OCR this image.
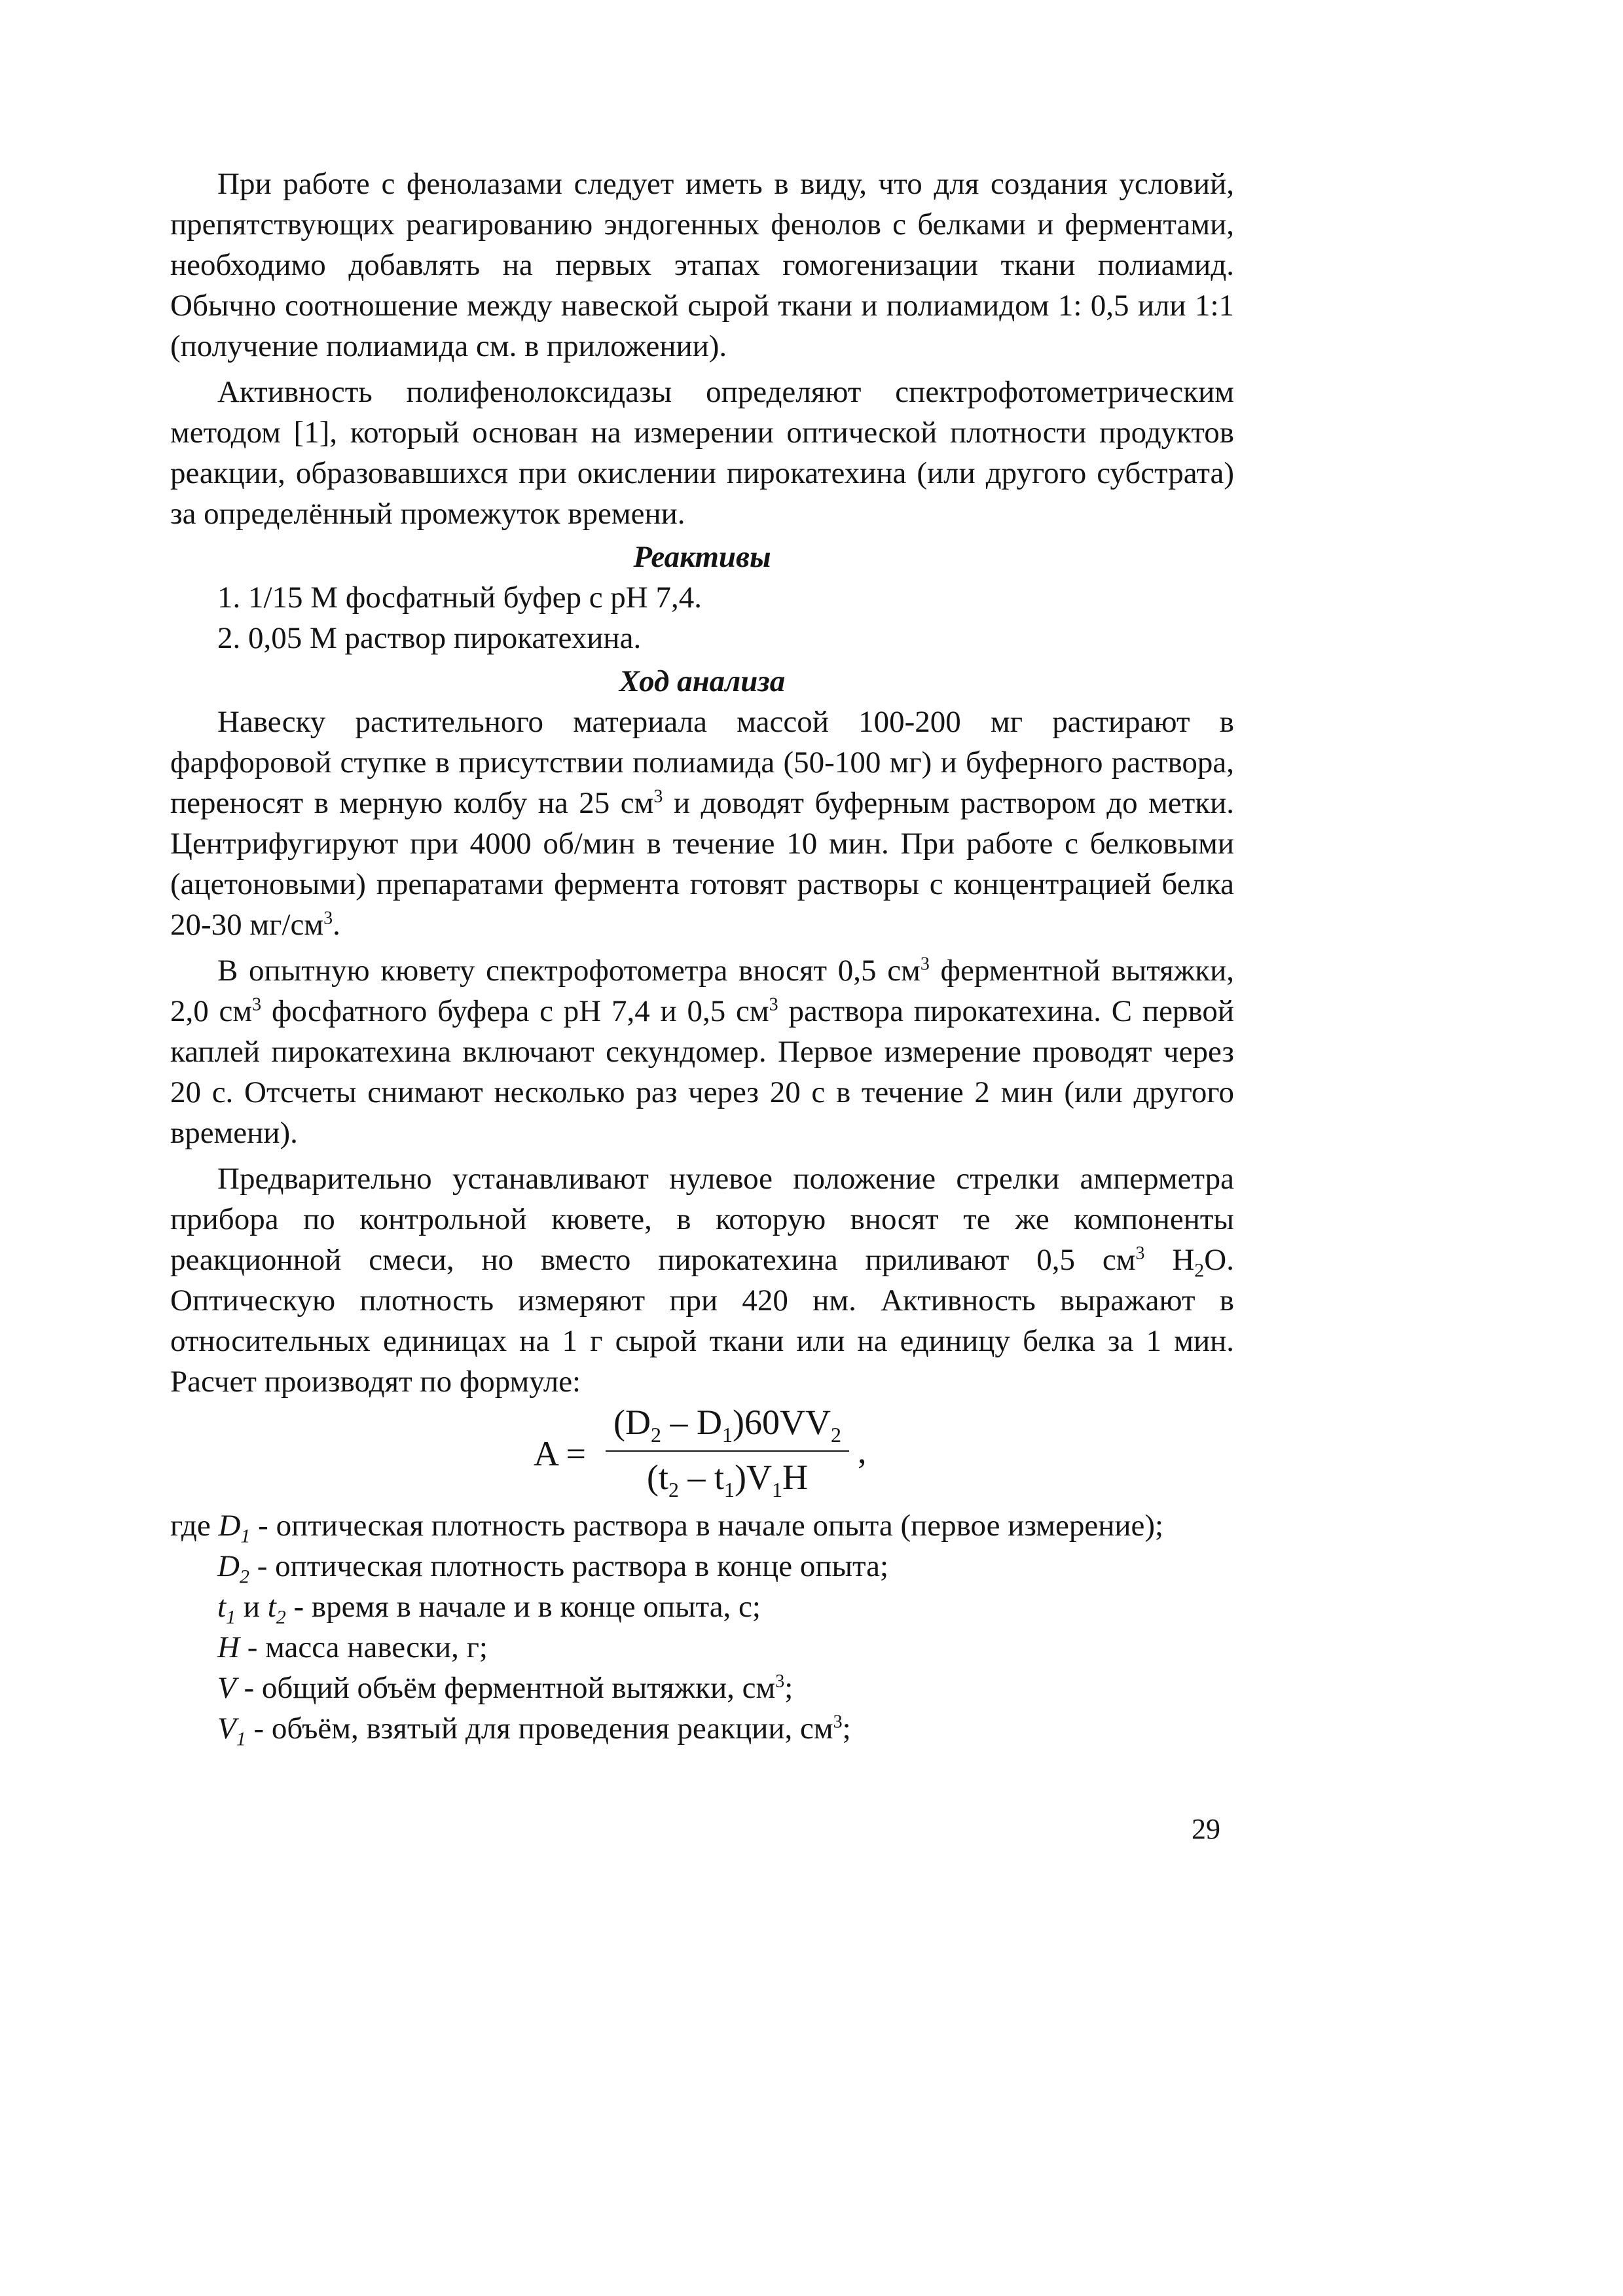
При работе с фенолазами следует иметь в виду, что для создания условий, препятствующих реагированию эндогенных фенолов с белками и ферментами, необходимо добавлять на первых этапах гомогенизации ткани полиамид. Обычно соотношение между навеской сырой ткани и полиамидом 1: 0,5 или 1:1 (получение полиамида см. в приложении).

Активность полифенолоксидазы определяют спектрофотометрическим методом [1], который основан на измерении оптической плотности продуктов реакции, образовавшихся при окислении пирокатехина (или другого субстрата) за определённый промежуток времени.

Реактивы

1. 1/15 М фосфатный буфер с рН 7,4.

2. 0,05 М раствор пирокатехина.

Ход анализа

Навеску растительного материала массой 100-200 мг растирают в фарфоровой ступке в присутствии полиамида (50-100 мг) и буферного раствора, переносят в мерную колбу на 25 $см^3$ и доводят буферным раствором до метки. Центрифугируют при 4000 об/мин в течение 10 мин. При работе с белковыми (ацетоновыми) препаратами фермента готовят растворы с концентрацией белка 20-30 $мг/см^3$.

В опытную кювету спектрофотометра вносят 0,5 $см^3$ ферментной вытяжки, 2,0 $см^3$ фосфатного буфера с рН 7,4 и 0,5 $см^3$ раствора пирокатехина. С первой каплей пирокатехина включают секундомер. Первое измерение проводят через 20 с. Отсчеты снимают несколько раз через 20 с в течение 2 мин (или другого времени).

Предварительно устанавливают нулевое положение стрелки амперметра прибора по контрольной кювете, в которую вносят те же компоненты реакционной смеси, но вместо пирокатехина приливают 0,5 $см^3$ $Н_2О$. Оптическую плотность измеряют при 420 нм. Активность выражают в относительных единицах на 1 г сырой ткани или на единицу белка за 1 мин. Расчет производят по формуле:

A =
$(D_2 - D_1)60VV_2$
$(t_2 - t_1)V_1H$
,

где $D_1$ - оптическая плотность раствора в начале опыта (первое измерение);

$D_2$ - оптическая плотность раствора в конце опыта;

$t_1$ и $t_2$ - время в начале и в конце опыта, с;

Н - масса навески, г;

V - общий объём ферментной вытяжки, $см^3$;

$V_1$ - объём, взятый для проведения реакции, $см^3$;

29
